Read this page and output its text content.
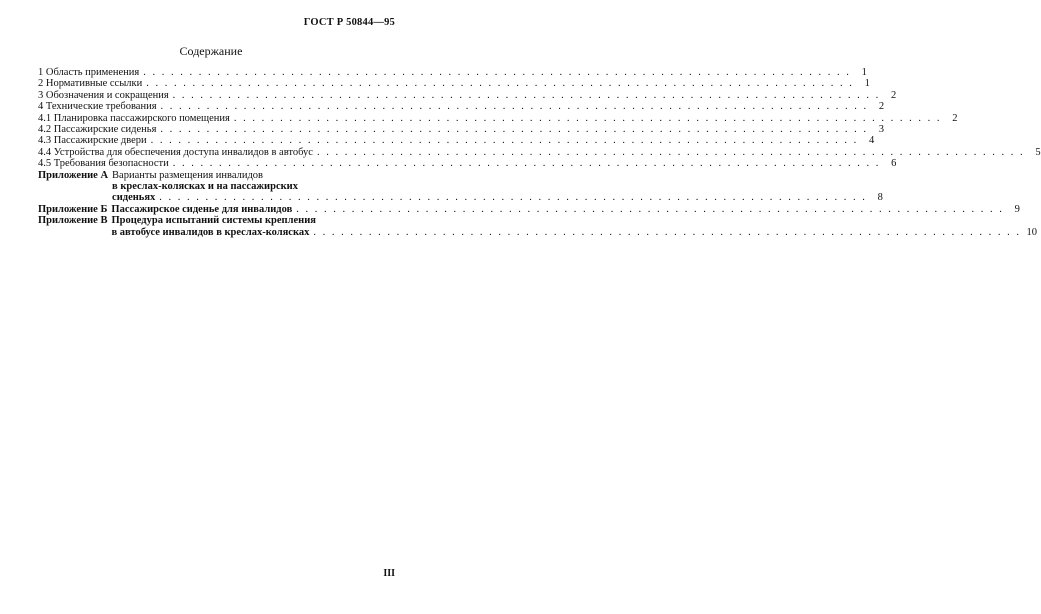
ГОСТ Р 50844—95
Содержание
1 Область применения . . .	1
2 Нормативные ссылки . . .	1
3 Обозначения и сокращения . . .	2
4 Технические требования . . .	2
4.1 Планировка пассажирского помещения . . .	2
4.2 Пассажирские сиденья . . .	3
4.3 Пассажирские двери . . .	4
4.4 Устройства для обеспечения доступа инвалидов в автобус . . .	5
4.5 Требования безопасности . . .	6
Приложение А Варианты размещения инвалидов
в креслах-колясках и на пассажирских
сиденьях . . .	8
Приложение Б Пассажирское сиденье для инвалидов . . .	9
Приложение В Процедура испытаний системы крепления
в автобусе инвалидов в креслах-колясках . . .	10
III
